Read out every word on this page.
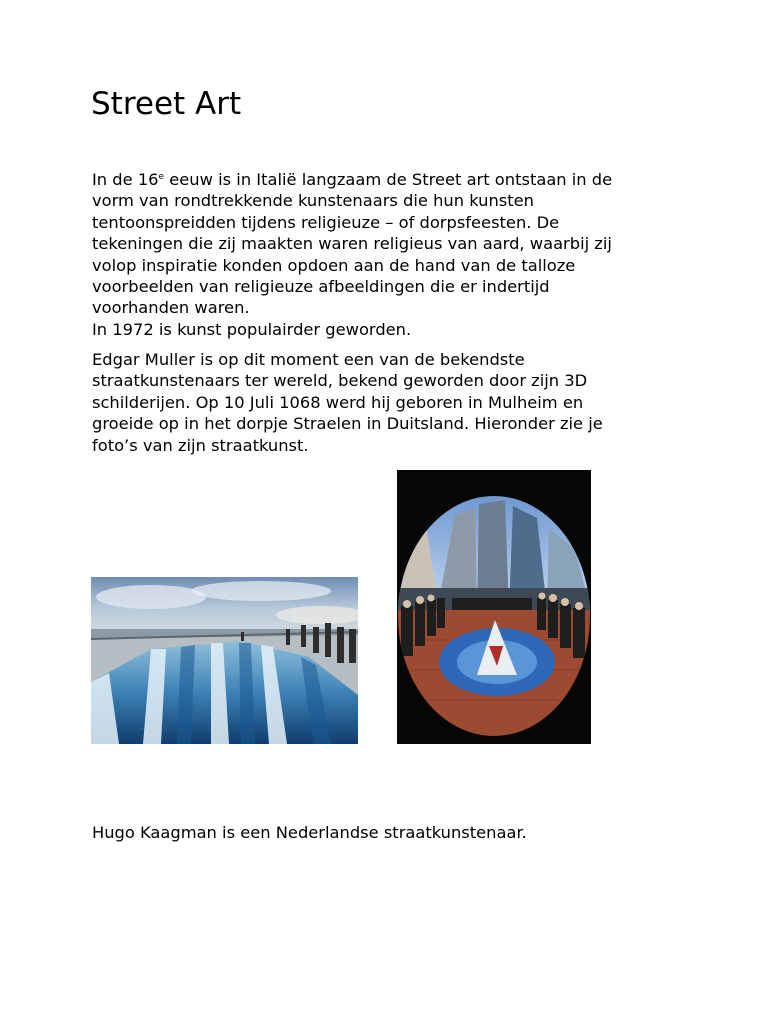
Street Art

In de 16e eeuw is in Italië langzaam de Street art ontstaan in de
vorm van rondtrekkende kunstenaars die hun kunsten
tentoonspreidden tijdens religieuze – of dorpsfeesten. De
tekeningen die zij maakten waren religieus van aard, waarbij zij
volop inspiratie konden opdoen aan de hand van de talloze
voorbeelden van religieuze afbeeldingen die er indertijd
voorhanden waren.
In 1972 is kunst populairder geworden.

Edgar Muller is op dit moment een van de bekendste
straatkunstenaars ter wereld, bekend geworden door zijn 3D
schilderijen. Op 10 Juli 1068 werd hij geboren in Mulheim en
groeide op in het dorpje Straelen in Duitsland. Hieronder zie je
foto’s van zijn straatkunst.

Hugo Kaagman is een Nederlandse straatkunstenaar.
